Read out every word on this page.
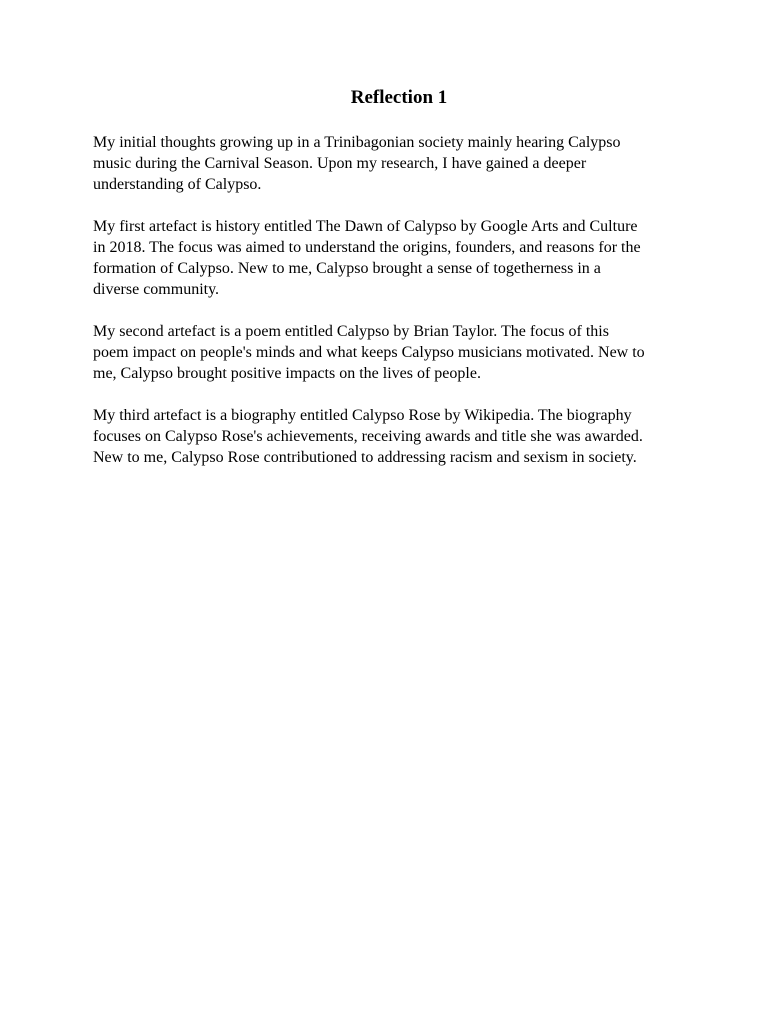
Reflection 1

My initial thoughts growing up in a Trinibagonian society mainly hearing Calypso
music during the Carnival Season. Upon my research, I have gained a deeper
understanding of Calypso.

My first artefact is history entitled The Dawn of Calypso by Google Arts and Culture
in 2018. The focus was aimed to understand the origins, founders, and reasons for the
formation of Calypso. New to me, Calypso brought a sense of togetherness in a
diverse community.

My second artefact is a poem entitled Calypso by Brian Taylor. The focus of this
poem impact on people's minds and what keeps Calypso musicians motivated. New to
me, Calypso brought positive impacts on the lives of people.

My third artefact is a biography entitled Calypso Rose by Wikipedia. The biography
focuses on Calypso Rose's achievements, receiving awards and title she was awarded.
New to me, Calypso Rose contributioned to addressing racism and sexism in society.
